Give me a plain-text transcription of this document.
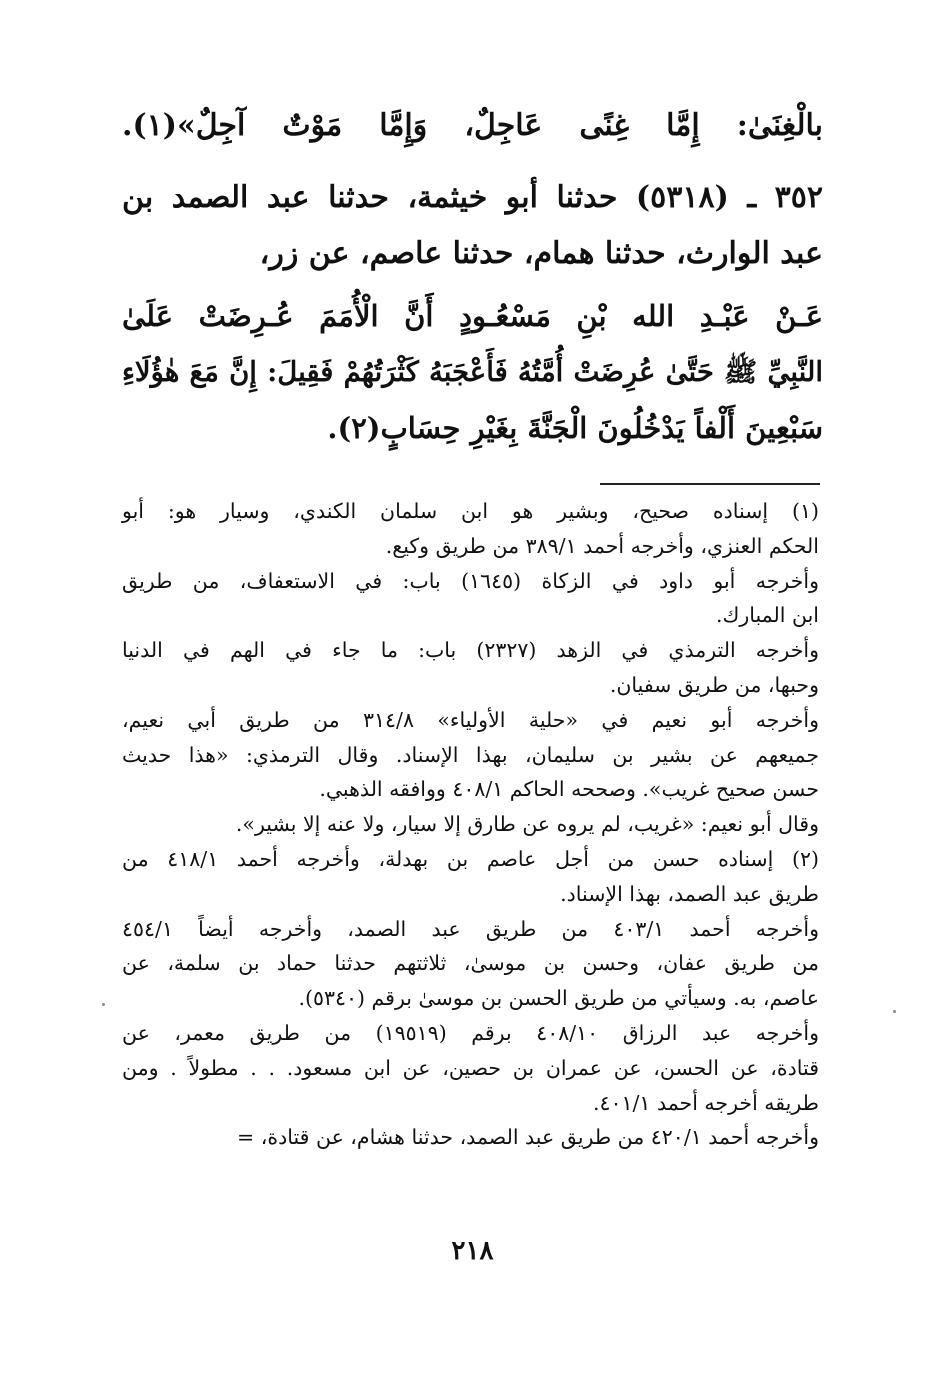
بالْغِنَىٰ: إِمَّا غِنًى عَاجِلٌ، وَإِمَّا مَوْتٌ آجِلٌ»(١).

٣٥٢ ـ (٥٣١٨) حدثنا أبو خيثمة، حدثنا عبد الصمد بن

عبد الوارث، حدثنا همام، حدثنا عاصم، عن زر،

عَـنْ عَبْـدِ الله بْنِ مَسْعُـودٍ أَنَّ الْأُمَمَ عُـرِضَتْ عَلَىٰ

النَّبِيِّ ﷺ حَتَّىٰ عُرِضَتْ أُمَّتُهُ فَأَعْجَبَهُ كَثْرَتُهُمْ فَقِيلَ: إِنَّ مَعَ هٰؤُلَاءِ

سَبْعِينَ أَلْفاً يَدْخُلُونَ الْجَنَّةَ بِغَيْرِ حِسَابٍ(٢).

(١) إسناده صحيح، وبشير هو ابن سلمان الكندي، وسيار هو: أبو

الحكم العنزي، وأخرجه أحمد ٣٨٩/١ من طريق وكيع.

وأخرجه أبو داود في الزكاة (١٦٤٥) باب: في الاستعفاف، من طريق

ابن المبارك.

وأخرجه الترمذي في الزهد (٢٣٢٧) باب: ما جاء في الهم في الدنيا

وحبها، من طريق سفيان.

وأخرجه أبو نعيم في «حلية الأولياء» ٣١٤/٨ من طريق أبي نعيم،

جميعهم عن بشير بن سليمان، بهذا الإسناد. وقال الترمذي: «هذا حديث

حسن صحيح غريب». وصححه الحاكم ٤٠٨/١ ووافقه الذهبي.

وقال أبو نعيم: «غريب، لم يروه عن طارق إلا سيار، ولا عنه إلا بشير».

(٢) إسناده حسن من أجل عاصم بن بهدلة، وأخرجه أحمد ٤١٨/١ من

طريق عبد الصمد، بهذا الإسناد.

وأخرجه أحمد ٤٠٣/١ من طريق عبد الصمد، وأخرجه أيضاً ٤٥٤/١

من طريق عفان، وحسن بن موسىٰ، ثلاثتهم حدثنا حماد بن سلمة، عن

عاصم، به. وسيأتي من طريق الحسن بن موسىٰ برقم (٥٣٤٠).

وأخرجه عبد الرزاق ٤٠٨/١٠ برقم (١٩٥١٩) من طريق معمر، عن

قتادة، عن الحسن، عن عمران بن حصين، عن ابن مسعود. . . مطولاً . ومن

طريقه أخرجه أحمد ٤٠١/١.

وأخرجه أحمد ٤٢٠/١ من طريق عبد الصمد، حدثنا هشام، عن قتادة، =

٢١٨
